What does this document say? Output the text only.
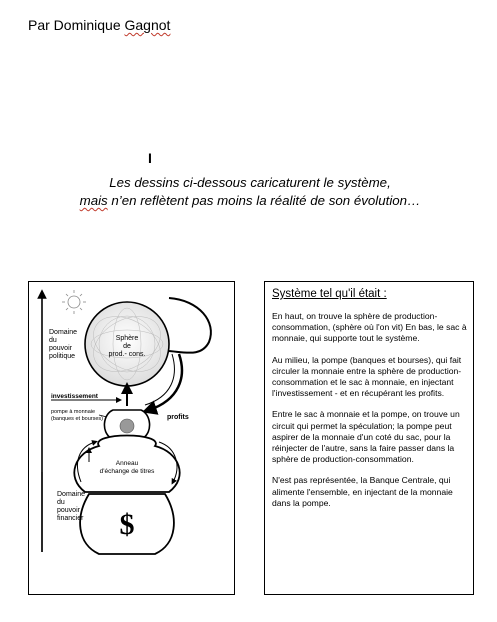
Par Dominique Gagnot
I
Les dessins ci-dessous caricaturent le système,
mais n’en reflètent pas moins la réalité de son évolution…
Sphère
de
prod.- cons.
Domaine
du
pouvoir
politique
investissement
pompe à monnaie
(banques et bourses)	profits
Anneau
d'échange de titres
$
Domaine
du
pouvoir
financier
Système tel qu'il était :

En haut, on trouve la sphère de production-consommation, (sphère où l'on vit) En bas, le sac à monnaie, qui supporte tout le système.

Au milieu, la pompe (banques et bourses), qui fait circuler la monnaie entre la sphère de production-consommation et le sac à monnaie, en injectant l'investissement - et en récupérant les profits.

Entre le sac à monnaie et la pompe, on trouve un circuit qui permet la spéculation; la pompe peut aspirer de la monnaie d'un coté du sac, pour la réinjecter de l'autre, sans la faire passer dans la sphère de production-consommation.

N'est pas représentée, la Banque Centrale, qui alimente l'ensemble, en injectant de la monnaie dans la pompe.
